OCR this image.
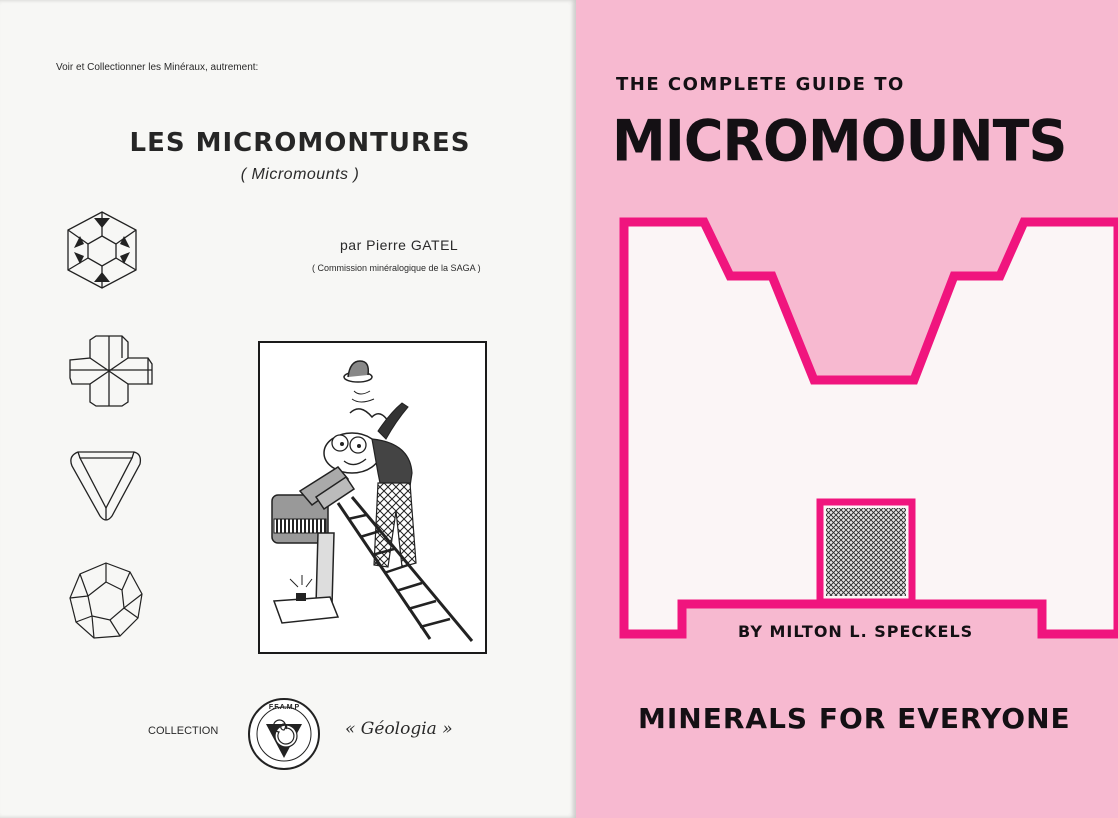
Voir et Collectionner les Minéraux, autrement:
LES MICROMONTURES
( Micromounts )
par Pierre GATEL
( Commission minéralogique de la SAGA )
COLLECTION
F.F.A.M.P
« Géologia »
THE COMPLETE GUIDE TO
MICROMOUNTS
BY MILTON L. SPECKELS
MINERALS FOR EVERYONE
